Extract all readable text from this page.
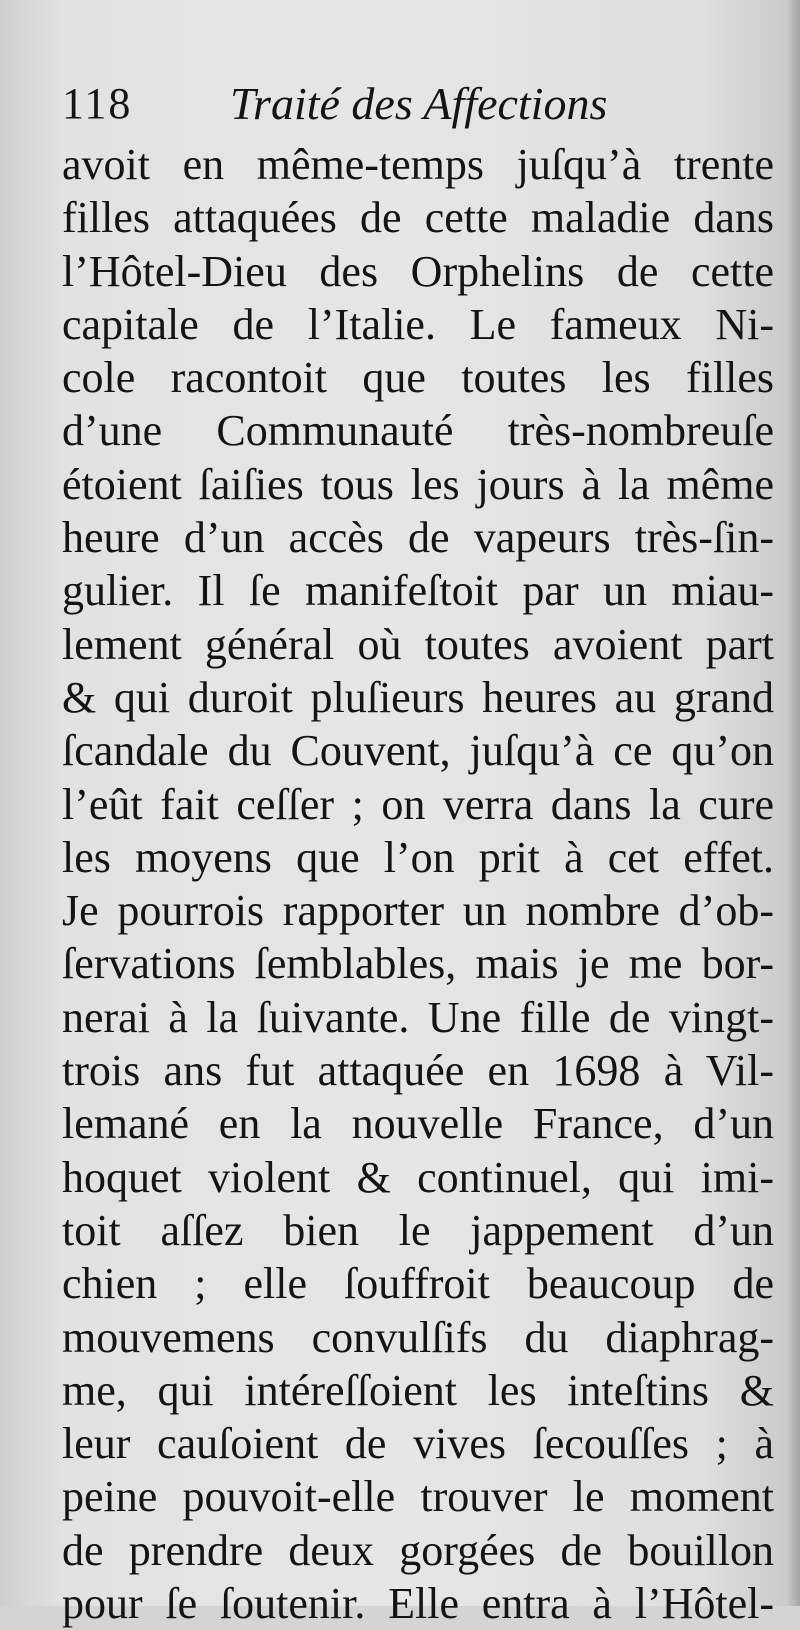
118 Traité des Affections
avoit en même-temps juſqu’à trente
filles attaquées de cette maladie dans
l’Hôtel-Dieu des Orphelins de cette
capitale de l’Italie. Le fameux Ni-
cole racontoit que toutes les filles
d’une Communauté très-nombreuſe
étoient ſaiſies tous les jours à la même
heure d’un accès de vapeurs très-ſin-
gulier. Il ſe manifeſtoit par un miau-
lement général où toutes avoient part
& qui duroit pluſieurs heures au grand
ſcandale du Couvent, juſqu’à ce qu’on
l’eût fait ceſſer ; on verra dans la cure
les moyens que l’on prit à cet effet.
Je pourrois rapporter un nombre d’ob-
ſervations ſemblables, mais je me bor-
nerai à la ſuivante. Une fille de vingt-
trois ans fut attaquée en 1698 à Vil-
lemané en la nouvelle France, d’un
hoquet violent & continuel, qui imi-
toit aſſez bien le jappement d’un
chien ; elle ſouffroit beaucoup de
mouvemens convulſifs du diaphrag-
me, qui intéreſſoient les inteſtins &
leur cauſoient de vives ſecouſſes ; à
peine pouvoit-elle trouver le moment
de prendre deux gorgées de bouillon
pour ſe ſoutenir. Elle entra à l’Hôtel-
